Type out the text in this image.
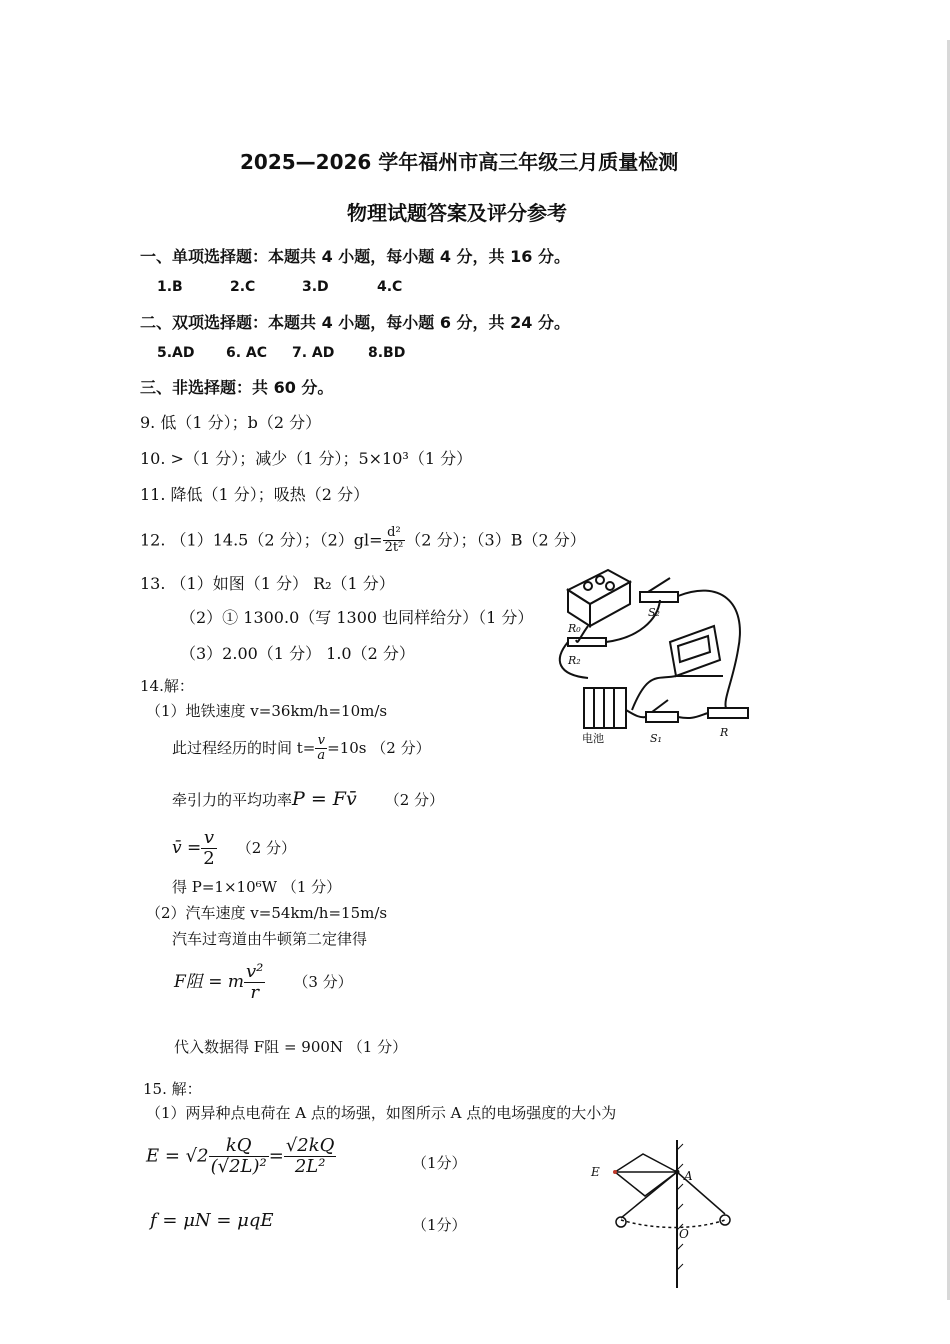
2025—2026 学年福州市高三年级三月质量检测
物理试题答案及评分参考
一、单项选择题：本题共 4 小题，每小题 4 分，共 16 分。
1.B	2.C	3.D	4.C
二、双项选择题：本题共 4 小题，每小题 6 分，共 24 分。
5.AD 6. AC 7. AD 8.BD
三、非选择题：共 60 分。
9. 低（1 分）；b（2 分）
10. >（1 分）；减少（1 分）；5×10³（1 分）
11. 降低（1 分）；吸热（2 分）
12. （1）14.5（2 分）；$(2)gl= \frac{\text{d²}}{\text{2t²}} (2$ 分）；（3）B（2 分）
13. （1）如图（1 分） R₂（1 分）
（2）① 1300.0（写 1300 也同样给分）（1 分）
（3）2.00（1 分） 1.0（2 分）
R₀
R₂
S₂
电池	S₁	R
14.解：
（1）地铁速度 v=36km/h=10m/s
此过程经历的时间 $t= \frac{v}{a} =10s$ （2 分）
牵引力的平均功率P = Fv̄ （2 分）
v̄ = $\frac{v}{2} (2$ 分）
得 P=1×10⁶W （1 分）
（2）汽车速度 v=54km/h=15m/s
汽车过弯道由牛顿第二定律得
F阻 = m $\frac{\text{v²}}{r} (3$ 分）
代入数据得 F阻 = 900N （1 分）
15. 解：
（1）两异种点电荷在 A 点的场强，如图所示 A 点的电场强度的大小为
$E = √2 \frac{kQ}{\text{(√2L)²}} = \frac{√2kQ}{\text{2L²}}$	（1分）
f = μN = μqE	（1分）
E	A
O
